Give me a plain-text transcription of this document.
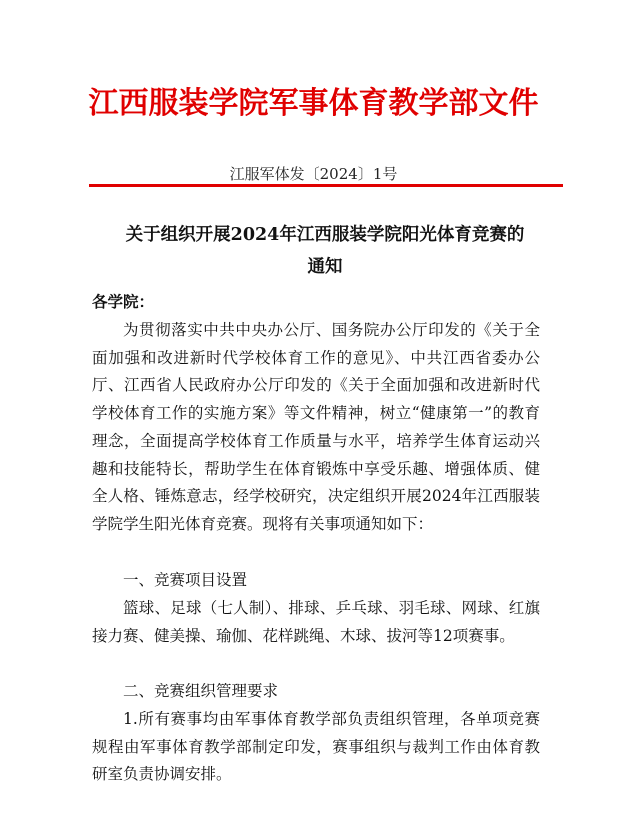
江西服装学院军事体育教学部文件
江服军体发〔2024〕1号
关于组织开展2024年江西服装学院阳光体育竞赛的
通知
各学院：
为贯彻落实中共中央办公厅、国务院办公厅印发的《关于全面加强和改进新时代学校体育工作的意见》、中共江西省委办公厅、江西省人民政府办公厅印发的《关于全面加强和改进新时代学校体育工作的实施方案》等文件精神，树立“健康第一”的教育理念，全面提高学校体育工作质量与水平，培养学生体育运动兴趣和技能特长，帮助学生在体育锻炼中享受乐趣、增强体质、健全人格、锤炼意志，经学校研究，决定组织开展2024年江西服装学院学生阳光体育竞赛。现将有关事项通知如下：
一、竞赛项目设置
篮球、足球（七人制）、排球、乒乓球、羽毛球、网球、红旗接力赛、健美操、瑜伽、花样跳绳、木球、拔河等12项赛事。
二、竞赛组织管理要求
1.所有赛事均由军事体育教学部负责组织管理，各单项竞赛规程由军事体育教学部制定印发，赛事组织与裁判工作由体育教研室负责协调安排。
